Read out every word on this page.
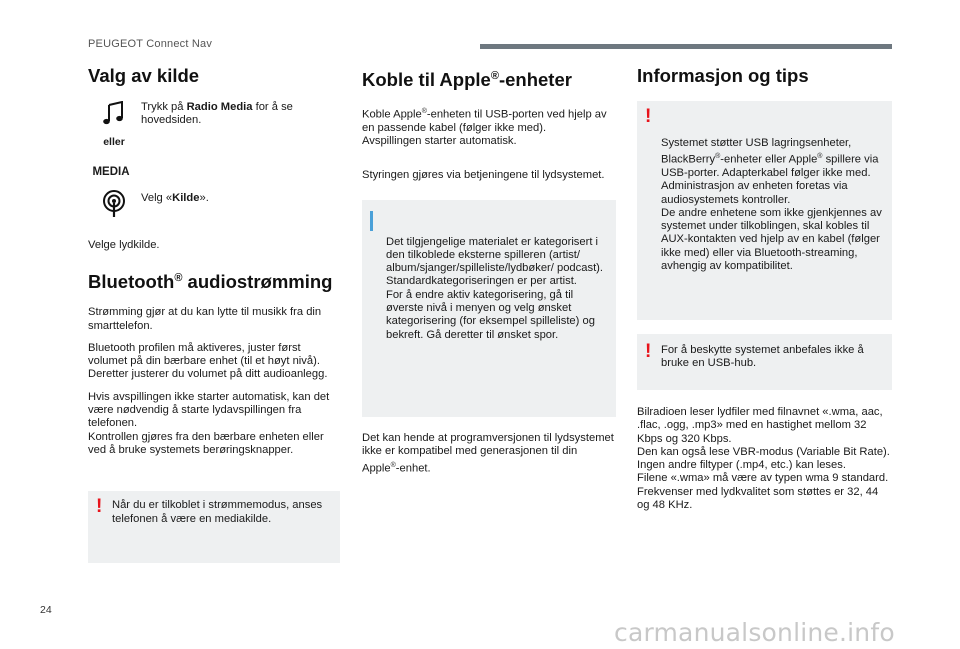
PEUGEOT Connect Nav
Valg av kilde
eller
MEDIA
Trykk på Radio Media for å se hovedsiden.
Velg «Kilde».

Velge lydkilde.

Bluetooth® audiostrømming

Strømming gjør at du kan lytte til musikk fra din smarttelefon.

Bluetooth profilen må aktiveres, juster først volumet på din bærbare enhet (til et høyt nivå).
Deretter justerer du volumet på ditt audioanlegg.

Hvis avspillingen ikke starter automatisk, kan det være nødvendig å starte lydavspillingen fra telefonen.
Kontrollen gjøres fra den bærbare enheten eller ved å bruke systemets berøringsknapper.

! Når du er tilkoblet i strømmemodus, anses telefonen å være en mediakilde.
Koble til Apple®-enheter

Koble Apple®-enheten til USB-porten ved hjelp av en passende kabel (følger ikke med).
Avspillingen starter automatisk.

Styringen gjøres via betjeningene til lydsystemet.

Det tilgjengelige materialet er kategorisert i den tilkoblede eksterne spilleren (artist/ album/sjanger/spilleliste/lydbøker/ podcast).
Standardkategoriseringen er per artist.
For å endre aktiv kategorisering, gå til øverste nivå i menyen og velg ønsket kategorisering (for eksempel spilleliste) og bekreft. Gå deretter til ønsket spor.

Det kan hende at programversjonen til lydsystemet ikke er kompatibel med generasjonen til din Apple®-enhet.

Informasjon og tips

!

Systemet støtter USB lagringsenheter, BlackBerry®-enheter eller Apple® spillere via USB-porter. Adapterkabel følger ikke med.
Administrasjon av enheten foretas via audiosystemets kontroller.
De andre enhetene som ikke gjenkjennes av systemet under tilkoblingen, skal kobles til AUX-kontakten ved hjelp av en kabel (følger ikke med) eller via Bluetooth-streaming, avhengig av kompatibilitet.

! For å beskytte systemet anbefales ikke å bruke en USB-hub.

Bilradioen leser lydfiler med filnavnet «.wma, aac, .flac, .ogg, .mp3» med en hastighet mellom 32 Kbps og 320 Kbps.
Den kan også lese VBR-modus (Variable Bit Rate).
Ingen andre filtyper (.mp4, etc.) kan leses.
Filene «.wma» må være av typen wma 9 standard.
Frekvenser med lydkvalitet som støttes er 32, 44 og 48 KHz.

24
carmanualsonline.info
